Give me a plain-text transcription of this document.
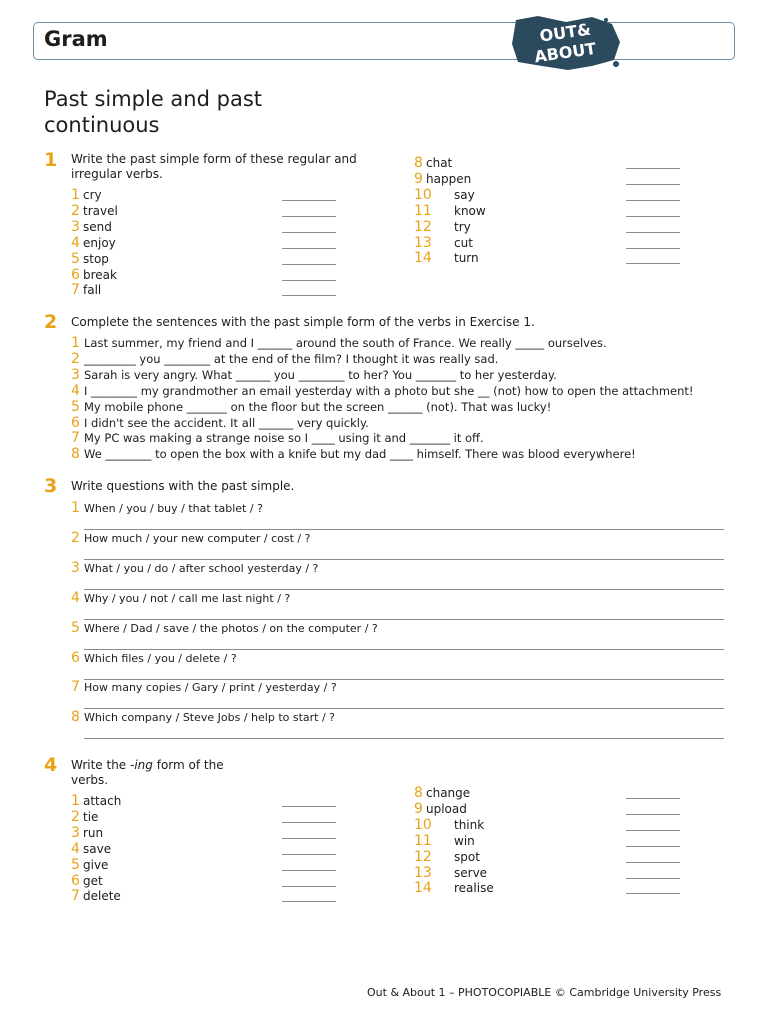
Gram	OUT&
ABOUT
Past simple and past continuous
1 Write the past simple form of these regular and irregular verbs.
1 cry
2 travel
3 send
4 enjoy
5 stop
6 break
7 fall
8 chat
9 happen
10 say
11 know
12 try
13 cut
14 turn
2 Complete the sentences with the past simple form of the verbs in Exercise 1.
1 Last summer, my friend and I ______ around the south of France. We really _____ ourselves.
2 _________ you ________ at the end of the film? I thought it was really sad.
3 Sarah is very angry. What ______ you ________ to her? You _______ to her yesterday.
4 I ________ my grandmother an email yesterday with a photo but she __ (not) how to open the attachment!
5 My mobile phone _______ on the floor but the screen ______ (not). That was lucky!
6 I didn't see the accident. It all ______ very quickly.
7 My PC was making a strange noise so I ____ using it and _______ it off.
8 We ________ to open the box with a knife but my dad ____ himself. There was blood everywhere!
3 Write questions with the past simple.
1 When / you / buy / that tablet / ?
2 How much / your new computer / cost / ?
3 What / you / do / after school yesterday / ?
4 Why / you / not / call me last night / ?
5 Where / Dad / save / the photos / on the computer / ?
6 Which files / you / delete / ?
7 How many copies / Gary / print / yesterday / ?
8 Which company / Steve Jobs / help to start / ?
4 Write the -ing form of the verbs.
1 attach
2 tie
3 run
4 save
5 give
6 get
7 delete
8 change
9 upload
10 think
11 win
12 spot
13 serve
14 realise
Out & About 1 – PHOTOCOPIABLE © Cambridge University Press
